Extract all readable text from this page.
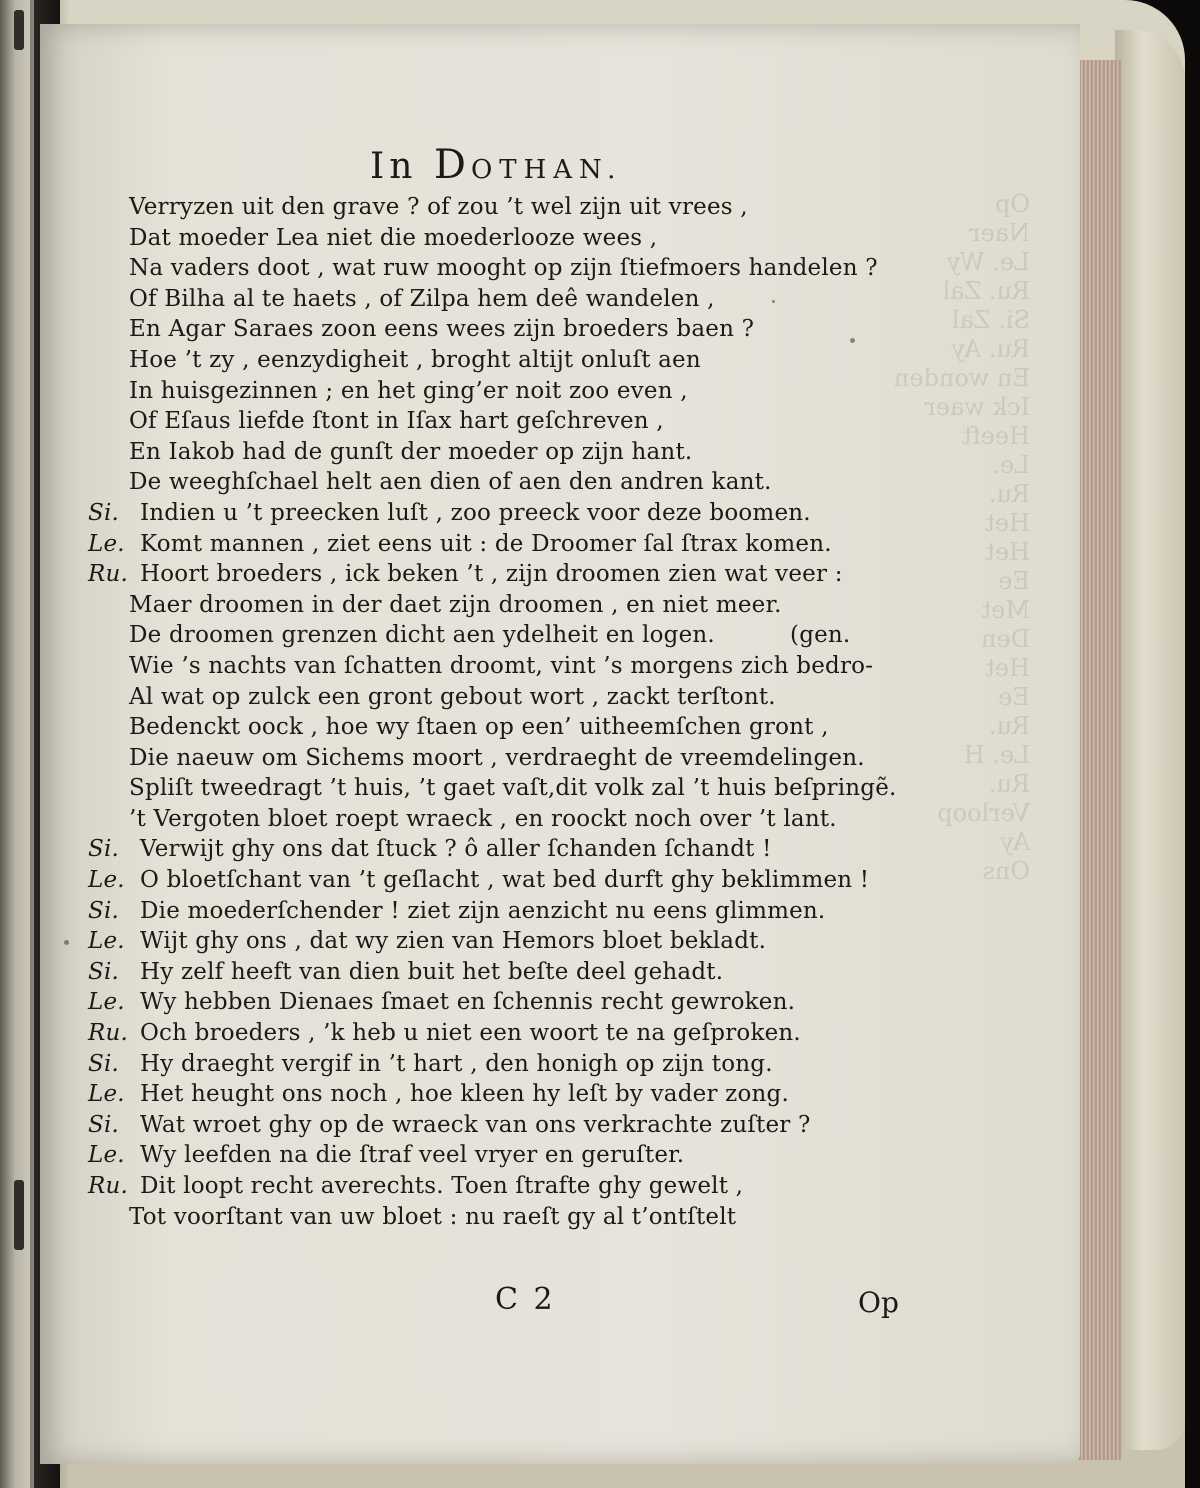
Op
Naer
Le. Wy
Ru. Zal
Si. Zal
Ru. Ay
En wonden
Ick waer
Heeft
Le.
Ru.
Het
Het
Ee
Met
Den
Het
Ee
Ru.
Le. H
Ru.
Verloop
Ay
Ons
In DOTHAN.
Verryzen uit den grave ? of zou ’t wel zijn uit vrees ,
Dat moeder Lea niet die moederlooze wees ,
Na vaders doot , wat ruw mooght op zijn ſtiefmoers handelen ?
Of Bilha al te haets , of Zilpa hem deê wandelen ,
En Agar Saraes zoon eens wees zijn broeders baen ?
Hoe ’t zy , eenzydigheit , broght altijt onluſt aen
In huisgezinnen ; en het ging’er noit zoo even ,
Of Eſaus liefde ſtont in Iſax hart geſchreven ,
En Iakob had de gunſt der moeder op zijn hant.
De weeghſchael helt aen dien of aen den andren kant.
Si. Indien u ’t preecken luſt , zoo preeck voor deze boomen.
Le. Komt mannen , ziet eens uit : de Droomer ſal ſtrax komen.
Ru. Hoort broeders , ick beken ’t , zijn droomen zien wat veer :
Maer droomen in der daet zijn droomen , en niet meer.
De droomen grenzen dicht aen ydelheit en logen.          (gen.
Wie ’s nachts van ſchatten droomt, vint ’s morgens zich bedro-
Al wat op zulck een gront gebout wort , zackt terſtont.
Bedenckt oock , hoe wy ſtaen op een’ uitheemſchen gront ,
Die naeuw om Sichems moort , verdraeght de vreemdelingen.
Spliſt tweedragt ’t huis, ’t gaet vaſt,dit volk zal ’t huis beſpringẽ.
’t Vergoten bloet roept wraeck , en roockt noch over ’t lant.
Si. Verwijt ghy ons dat ſtuck ? ô aller ſchanden ſchandt !
Le. O bloetſchant van ’t geſlacht , wat bed durft ghy beklimmen !
Si. Die moederſchender ! ziet zijn aenzicht nu eens glimmen.
Le. Wijt ghy ons , dat wy zien van Hemors bloet bekladt.
Si. Hy zelf heeft van dien buit het beſte deel gehadt.
Le. Wy hebben Dienaes ſmaet en ſchennis recht gewroken.
Ru. Och broeders , ’k heb u niet een woort te na geſproken.
Si. Hy draeght vergif in ’t hart , den honigh op zijn tong.
Le. Het heught ons noch , hoe kleen hy leſt by vader zong.
Si. Wat wroet ghy op de wraeck van ons verkrachte zuſter ?
Le. Wy leefden na die ſtraf veel vryer en geruſter.
Ru. Dit loopt recht averechts. Toen ſtrafte ghy gewelt ,
Tot voorſtant van uw bloet : nu raeſt gy al t’ontſtelt

C 2	Op
